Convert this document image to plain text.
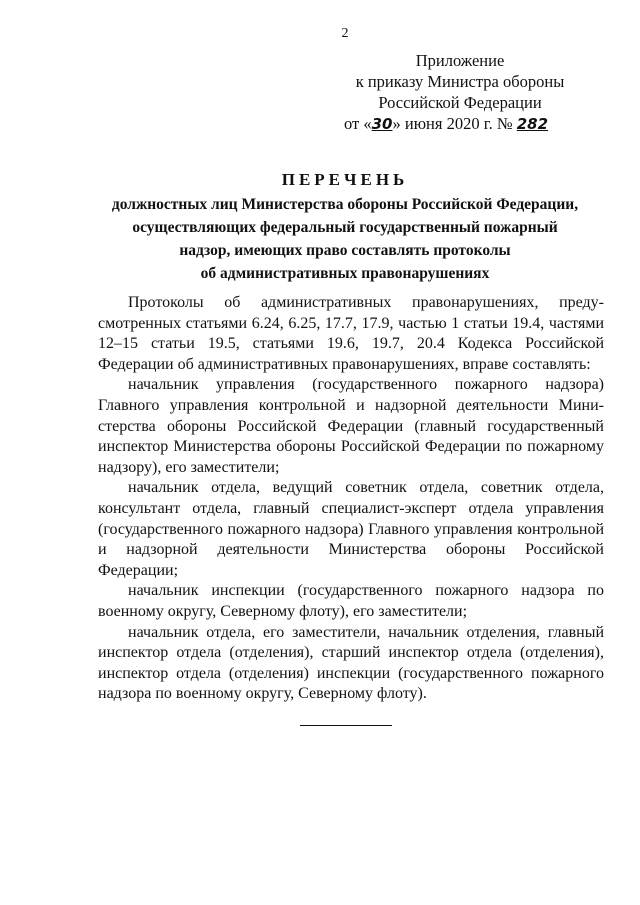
2
Приложение
к приказу Министра обороны
Российской Федерации
от «30» июня 2020 г. № 282
ПЕРЕЧЕНЬ
должностных лиц Министерства обороны Российской Федерации,
осуществляющих федеральный государственный пожарный
надзор, имеющих право составлять протоколы
об административных правонарушениях

Протоколы об административных правонарушениях, предусмотренных статьями 6.24, 6.25, 17.7, 17.9, частью 1 статьи 19.4, частями 12–15 статьи 19.5, статьями 19.6, 19.7, 20.4 Кодекса Российской Федерации об административных правонарушениях, вправе составлять:

начальник управления (государственного пожарного надзора) Главного управления контрольной и надзорной деятельности Министерства обороны Российской Федерации (главный государственный инспектор Министерства обороны Российской Федерации по пожарному надзору), его заместители;

начальник отдела, ведущий советник отдела, советник отдела, консультант отдела, главный специалист-эксперт отдела управления (государственного пожарного надзора) Главного управления контрольной и надзорной деятельности Министерства обороны Российской Федерации;

начальник инспекции (государственного пожарного надзора по военному округу, Северному флоту), его заместители;

начальник отдела, его заместители, начальник отделения, главный инспектор отдела (отделения), старший инспектор отдела (отделения), инспектор отдела (отделения) инспекции (государственного пожарного надзора по военному округу, Северному флоту).
